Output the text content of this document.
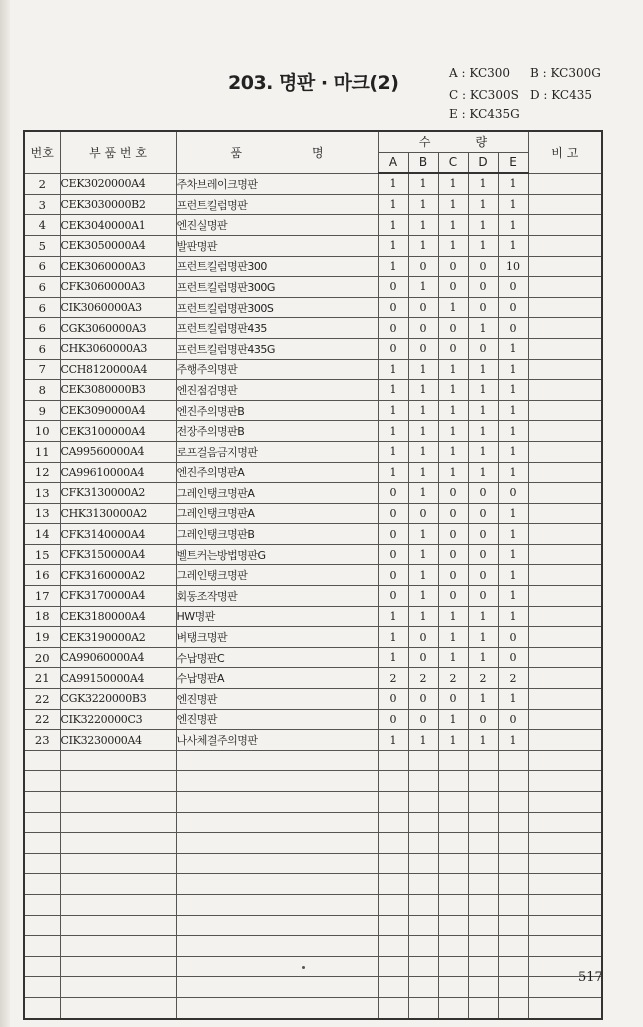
203. 명판 · 마크(2)	A : KC300 B : KC300G
C : KC300S D : KC435
E : KC435G
번호	부 품 번 호	품 명	수 량					비 고
			A	B	C	D	E	
2	CEK3020000A4	주차브레이크명판	1	1	1	1	1	
3	CEK3030000B2	프런트킬럼명판	1	1	1	1	1	
4	CEK3040000A1	엔진실명판	1	1	1	1	1	
5	CEK3050000A4	발판명판	1	1	1	1	1	
6	CEK3060000A3	프런트킬럼명판300	1	0	0	0	10	
6	CFK3060000A3	프런트킬럼명판300G	0	1	0	0	0	
6	CIK3060000A3	프런트킬럼명판300S	0	0	1	0	0	
6	CGK3060000A3	프런트킬럼명판435	0	0	0	1	0	
6	CHK3060000A3	프런트킬럼명판435G	0	0	0	0	1	
7	CCH8120000A4	주행주의명판	1	1	1	1	1	
8	CEK3080000B3	엔진점검명판	1	1	1	1	1	
9	CEK3090000A4	엔진주의명판B	1	1	1	1	1	
10	CEK3100000A4	전장주의명판B	1	1	1	1	1	
11	CA99560000A4	로프걸음금지명판	1	1	1	1	1	
12	CA99610000A4	엔진주의명판A	1	1	1	1	1	
13	CFK3130000A2	그레인탱크명판A	0	1	0	0	0	
13	CHK3130000A2	그레인탱크명판A	0	0	0	0	1	
14	CFK3140000A4	그레인탱크명판B	0	1	0	0	1	
15	CFK3150000A4	벨트커는방법명판G	0	1	0	0	1	
16	CFK3160000A2	그레인탱크명판	0	1	0	0	1	
17	CFK3170000A4	회동조작명판	0	1	0	0	1	
18	CEK3180000A4	HW명판	1	1	1	1	1	
19	CEK3190000A2	벼탱크명판	1	0	1	1	0	
20	CA99060000A4	수납명판C	1	0	1	1	0	
21	CA99150000A4	수납명판A	2	2	2	2	2	
22	CGK3220000B3	엔진명판	0	0	0	1	1	
22	CIK3220000C3	엔진명판	0	0	1	0	0	
23	CIK3230000A4	나사체결주의명판	1	1	1	1	1	

517
